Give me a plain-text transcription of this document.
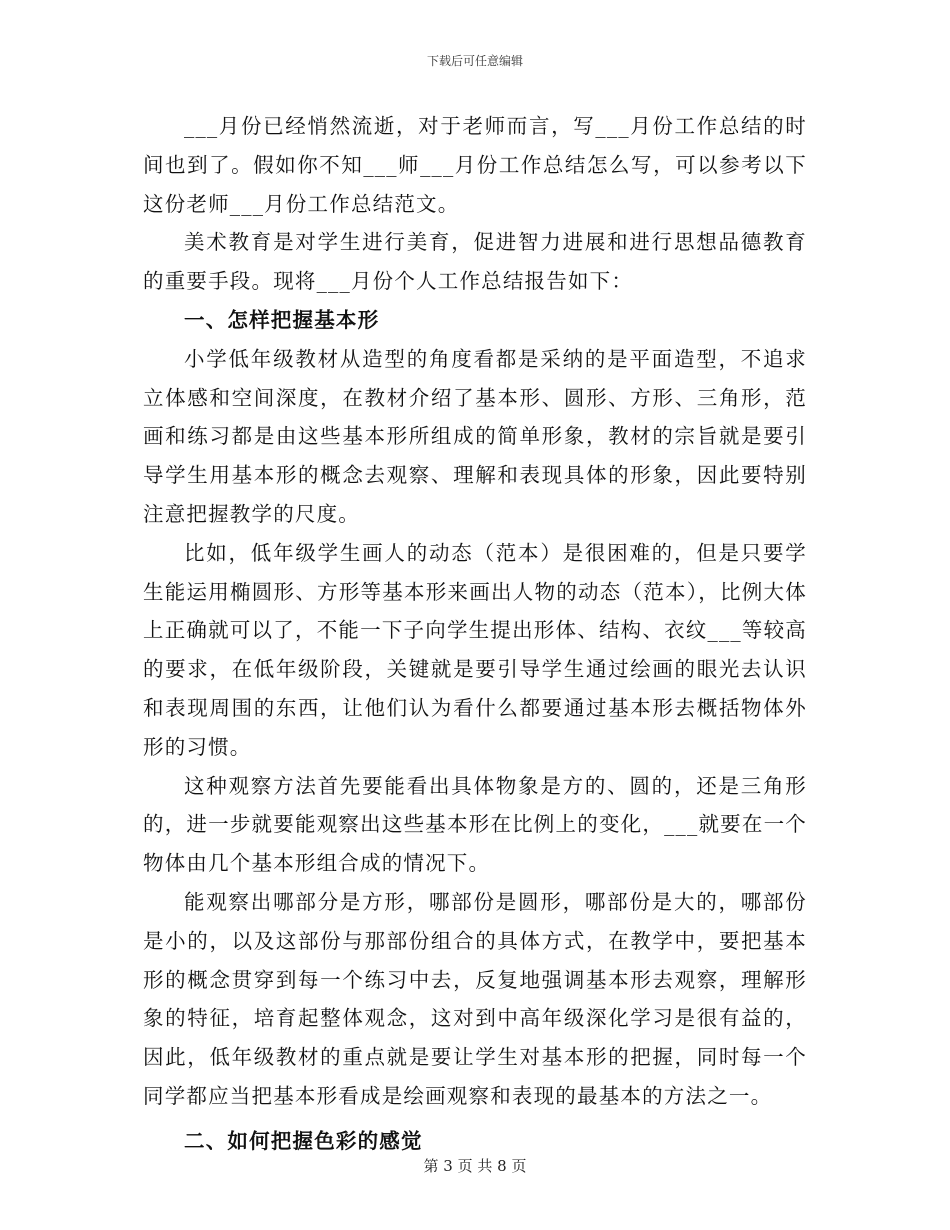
下载后可任意编辑

___月份已经悄然流逝，对于老师而言，写___月份工作总结的时间也到了。假如你不知___师___月份工作总结怎么写，可以参考以下这份老师___月份工作总结范文。

美术教育是对学生进行美育，促进智力进展和进行思想品德教育的重要手段。现将___月份个人工作总结报告如下：

一、怎样把握基本形

小学低年级教材从造型的角度看都是采纳的是平面造型，不追求立体感和空间深度，在教材介绍了基本形、圆形、方形、三角形，范画和练习都是由这些基本形所组成的简单形象，教材的宗旨就是要引导学生用基本形的概念去观察、理解和表现具体的形象，因此要特别注意把握教学的尺度。

比如，低年级学生画人的动态（范本）是很困难的，但是只要学生能运用椭圆形、方形等基本形来画出人物的动态（范本），比例大体上正确就可以了，不能一下子向学生提出形体、结构、衣纹___等较高的要求，在低年级阶段，关键就是要引导学生通过绘画的眼光去认识和表现周围的东西，让他们认为看什么都要通过基本形去概括物体外形的习惯。

这种观察方法首先要能看出具体物象是方的、圆的，还是三角形的，进一步就要能观察出这些基本形在比例上的变化，___就要在一个物体由几个基本形组合成的情况下。

能观察出哪部分是方形，哪部份是圆形，哪部份是大的，哪部份是小的，以及这部份与那部份组合的具体方式，在教学中，要把基本形的概念贯穿到每一个练习中去，反复地强调基本形去观察，理解形象的特征，培育起整体观念，这对到中高年级深化学习是很有益的，因此，低年级教材的重点就是要让学生对基本形的把握，同时每一个同学都应当把基本形看成是绘画观察和表现的最基本的方法之一。

二、如何把握色彩的感觉

第 3 页 共 8 页
